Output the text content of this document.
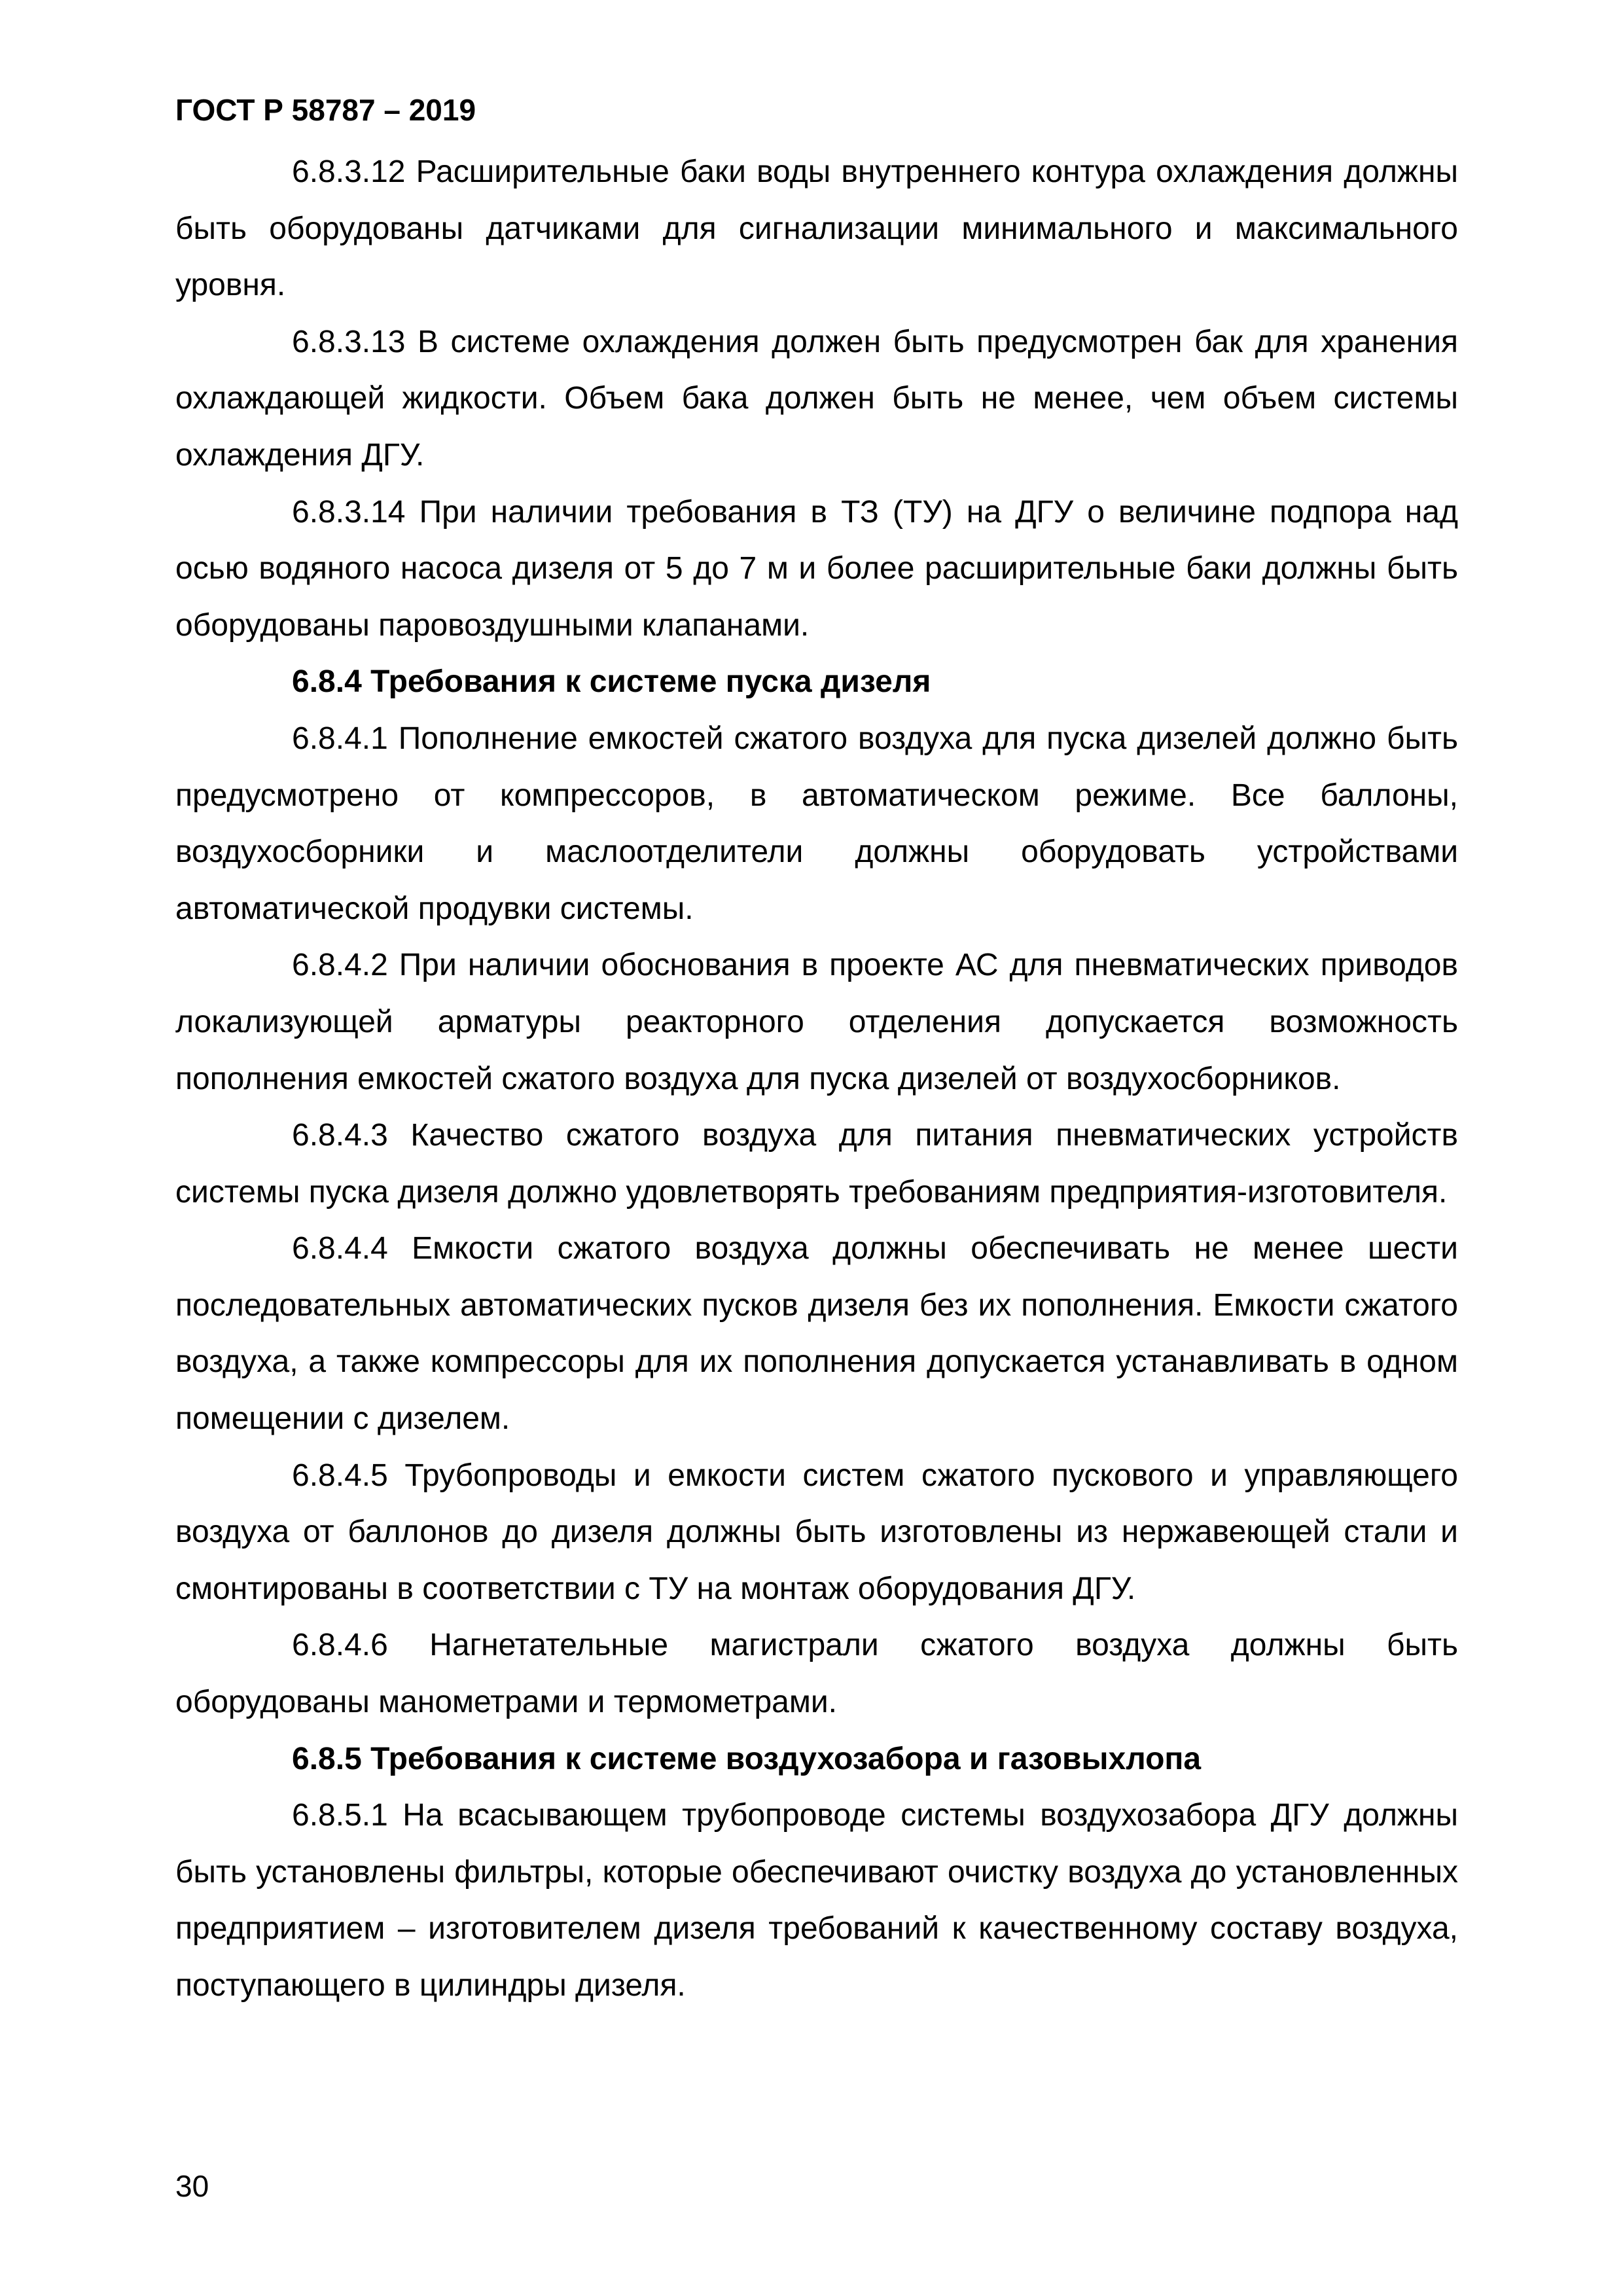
ГОСТ Р 58787 – 2019

6.8.3.12 Расширительные баки воды внутреннего контура охлаждения должны быть оборудованы датчиками для сигнализации минимального и максимального уровня.

6.8.3.13 В системе охлаждения должен быть предусмотрен бак для хранения охлаждающей жидкости. Объем бака должен быть не менее, чем объем системы охлаждения ДГУ.

6.8.3.14 При наличии требования в ТЗ (ТУ) на ДГУ о величине подпора над осью водяного насоса дизеля от 5 до 7 м и более расширительные баки должны быть оборудованы паровоздушными клапанами.

6.8.4 Требования к системе пуска дизеля

6.8.4.1 Пополнение емкостей сжатого воздуха для пуска дизелей должно быть предусмотрено от компрессоров, в автоматическом режиме. Все баллоны, воздухосборники и маслоотделители должны оборудовать устройствами автоматической продувки системы.

6.8.4.2 При наличии обоснования в проекте АС для пневматических приводов локализующей арматуры реакторного отделения допускается возможность пополнения емкостей сжатого воздуха для пуска дизелей от воздухосборников.

6.8.4.3 Качество сжатого воздуха для питания пневматических устройств системы пуска дизеля должно удовлетворять требованиям предприятия-изготовителя.

6.8.4.4 Емкости сжатого воздуха должны обеспечивать не менее шести последовательных автоматических пусков дизеля без их пополнения. Емкости сжатого воздуха, а также компрессоры для их пополнения допускается устанавливать в одном помещении с дизелем.

6.8.4.5 Трубопроводы и емкости систем сжатого пускового и управляющего воздуха от баллонов до дизеля должны быть изготовлены из нержавеющей стали и смонтированы в соответствии с ТУ на монтаж оборудования ДГУ.

6.8.4.6 Нагнетательные магистрали сжатого воздуха должны быть оборудованы манометрами и термометрами.

6.8.5 Требования к системе воздухозабора и газовыхлопа

6.8.5.1 На всасывающем трубопроводе системы воздухозабора ДГУ должны быть установлены фильтры, которые обеспечивают очистку воздуха до установленных предприятием – изготовителем дизеля требований к качественному составу воздуха, поступающего в цилиндры дизеля.

30
